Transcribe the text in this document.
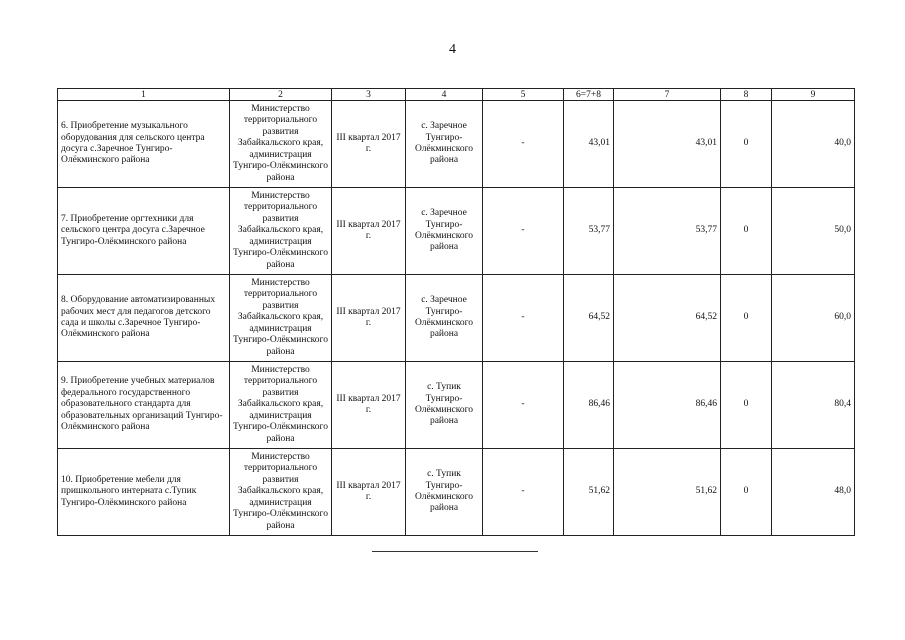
4
1	2	3	4	5	6=7+8	7	8	9
6. Приобретение музыкального оборудования для сельского центра досуга с.Заречное Тунгиро-Олёкминского района	Министерство территориального развития Забайкальского края, администрация Тунгиро-Олёкминского района	III квартал 2017 г.	с. Заречное Тунгиро-Олёкминского района	-	43,01	43,01	0	40,0
7. Приобретение оргтехники для сельского центра досуга с.Заречное Тунгиро-Олёкминского района	Министерство территориального развития Забайкальского края, администрация Тунгиро-Олёкминского района	III квартал 2017 г.	с. Заречное Тунгиро-Олёкминского района	-	53,77	53,77	0	50,0
8. Оборудование автоматизированных рабочих мест для педагогов детского сада и школы с.Заречное Тунгиро-Олёкминского района	Министерство территориального развития Забайкальского края, администрация Тунгиро-Олёкминского района	III квартал 2017 г.	с. Заречное Тунгиро-Олёкминского района	-	64,52	64,52	0	60,0
9. Приобретение учебных материалов федерального государственного образовательного стандарта для образовательных организаций Тунгиро-Олёкминского района	Министерство территориального развития Забайкальского края, администрация Тунгиро-Олёкминского района	III квартал 2017 г.	с. Тупик Тунгиро-Олёкминского района	-	86,46	86,46	0	80,4
10. Приобретение мебели для пришкольного интерната с.Тупик Тунгиро-Олёкминского района	Министерство территориального развития Забайкальского края, администрация Тунгиро-Олёкминского района	III квартал 2017 г.	с. Тупик Тунгиро-Олёкминского района	-	51,62	51,62	0	48,0
